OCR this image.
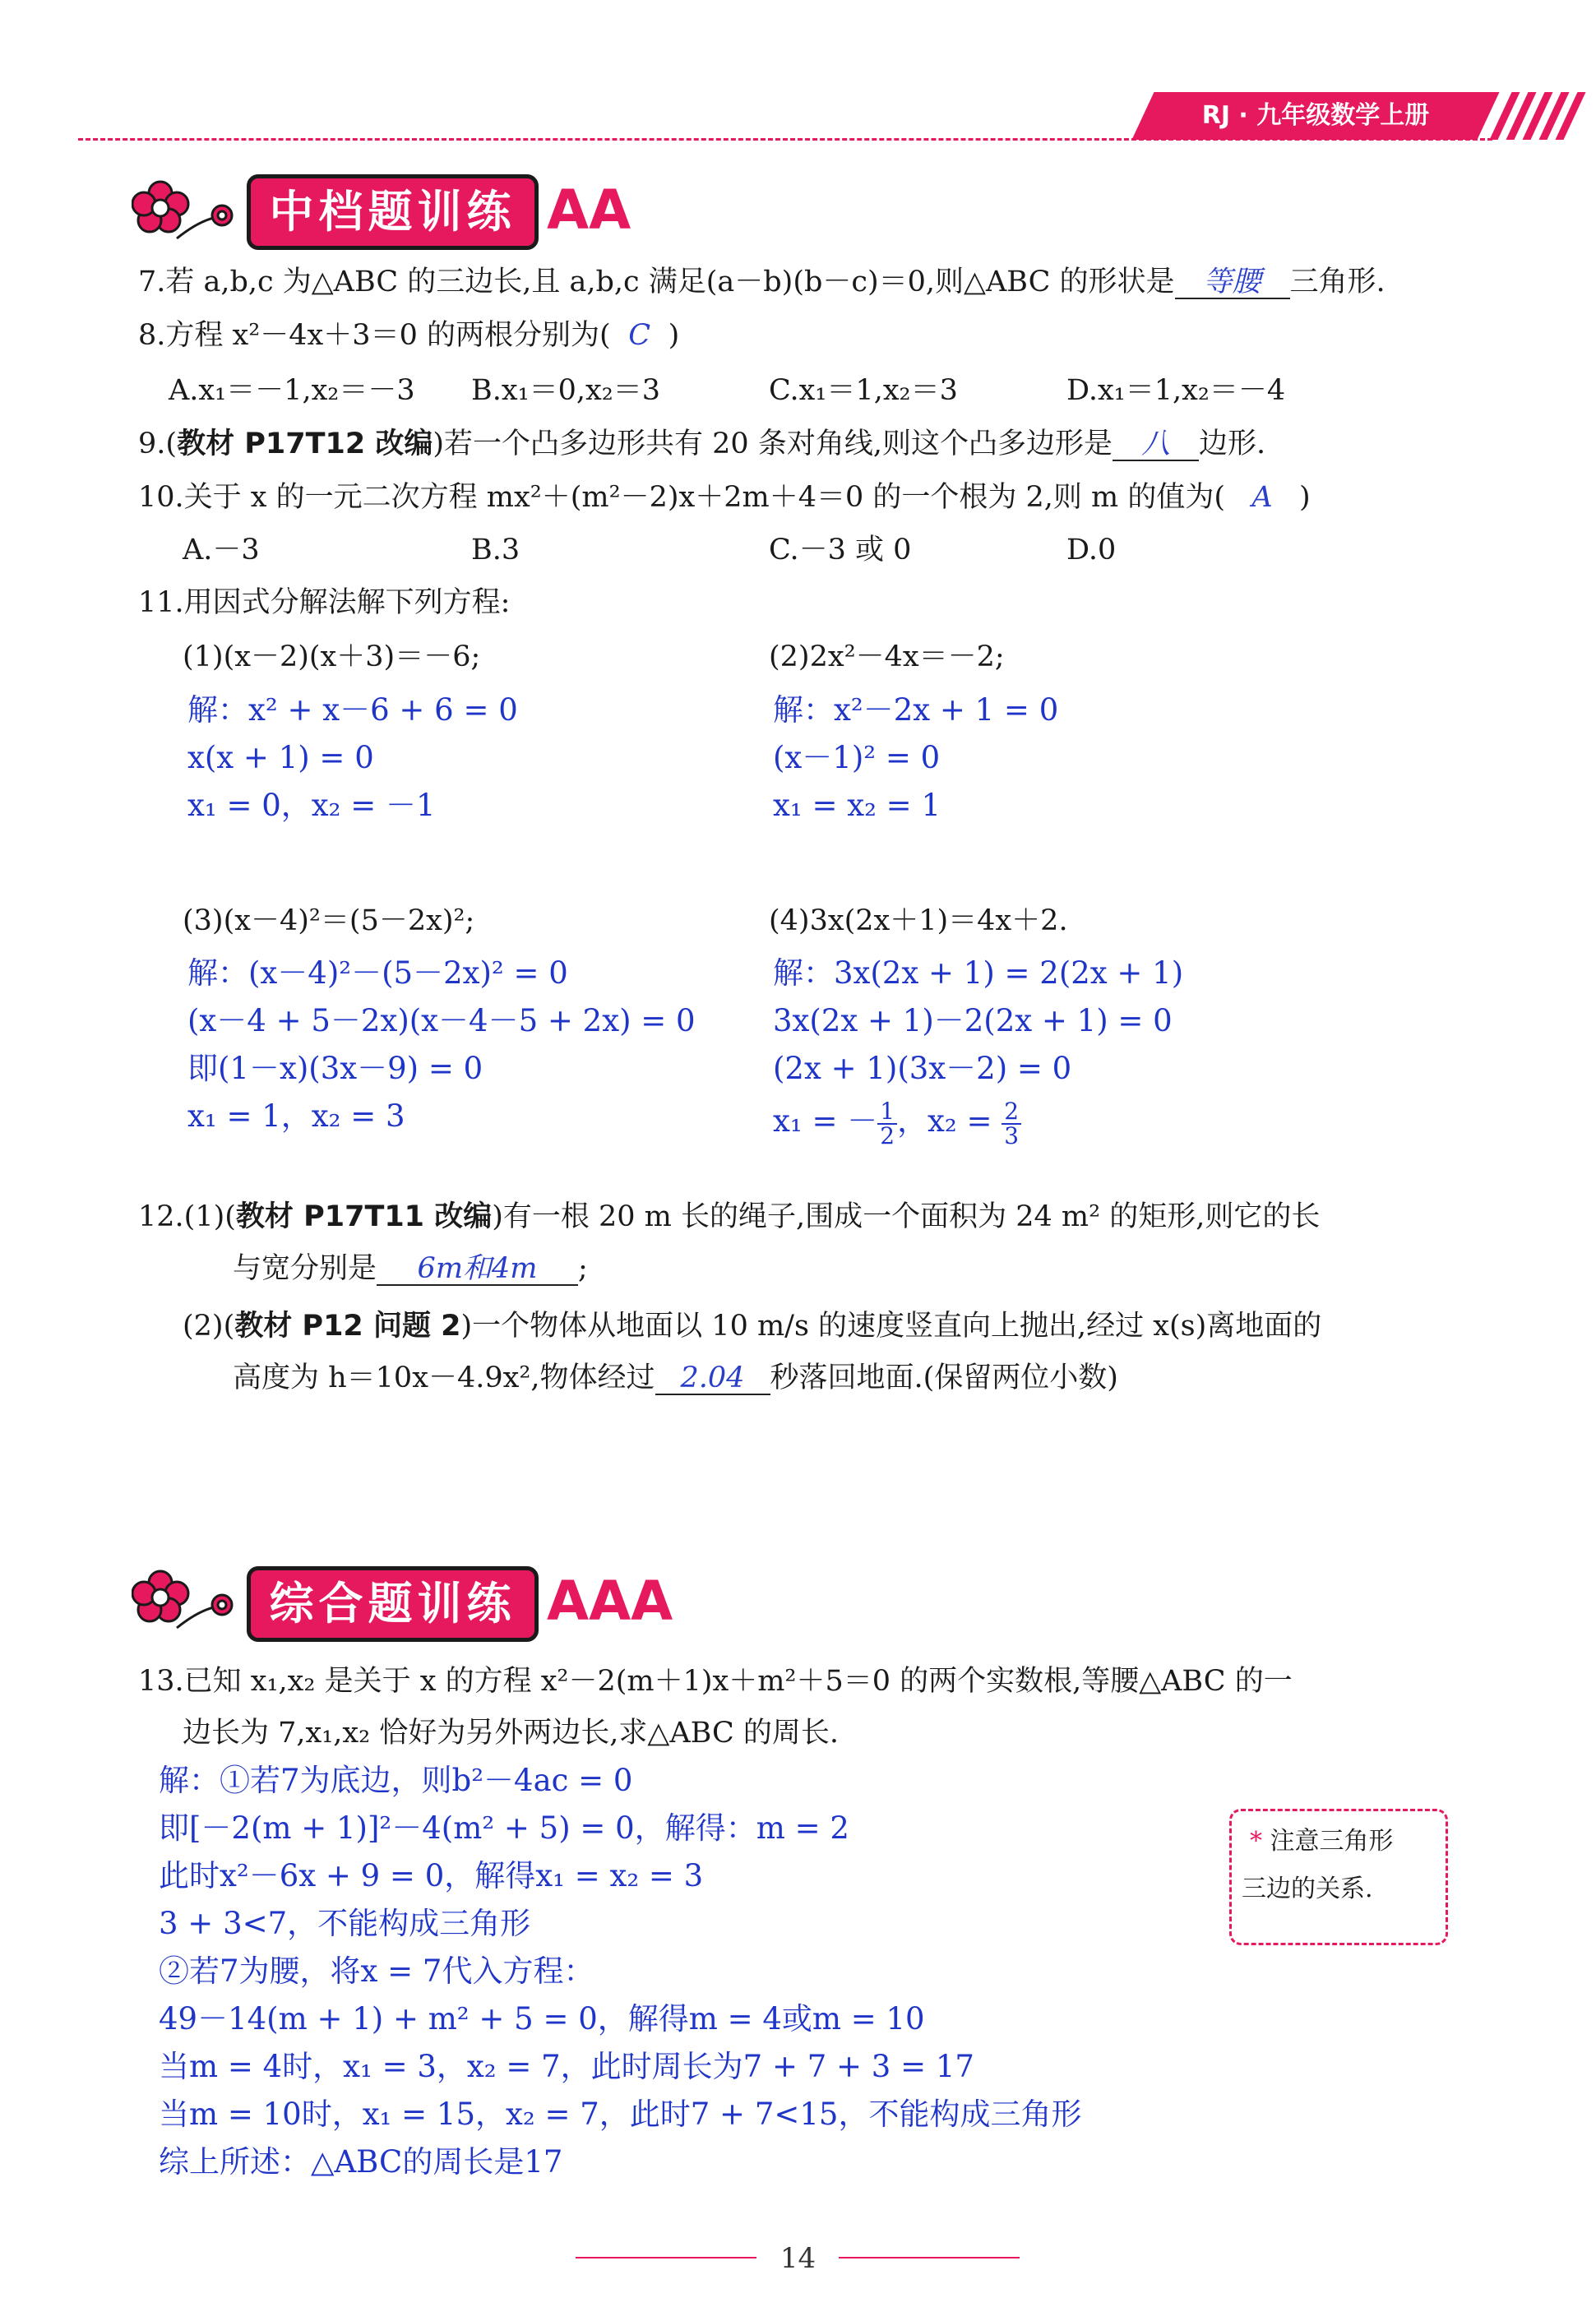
RJ · 九年级数学上册
中档题训练 AA
7.若 a,b,c 为△ABC 的三边长,且 a,b,c 满足(a－b)(b－c)＝0,则△ABC 的形状是 等腰 三角形.
8.方程 x²－4x＋3＝0 的两根分别为( C )
A.x₁＝－1,x₂＝－3 B.x₁＝0,x₂＝3	C.x₁＝1,x₂＝3	D.x₁＝1,x₂＝－4
9.(教材 P17T12 改编)若一个凸多边形共有 20 条对角线,则这个凸多边形是 八 边形.
10.关于 x 的一元二次方程 mx²＋(m²－2)x＋2m＋4＝0 的一个根为 2,则 m 的值为( A )
A.－3	B.3	C.－3 或 0	D.0
11.用因式分解法解下列方程:
(1)(x－2)(x＋3)＝－6;
解：x² + x－6 + 6 = 0
x(x + 1) = 0
x₁ = 0，x₂ = －1
(2)2x²－4x＝－2;
解：x²－2x + 1 = 0
(x－1)² = 0
x₁ = x₂ = 1
(3)(x－4)²＝(5－2x)²;
解：(x－4)²－(5－2x)² = 0
(x－4 + 5－2x)(x－4－5 + 2x) = 0
即(1－x)(3x－9) = 0
x₁ = 1，x₂ = 3
(4)3x(2x＋1)＝4x＋2.
解：3x(2x + 1) = 2(2x + 1)
3x(2x + 1)－2(2x + 1) = 0
(2x + 1)(3x－2) = 0
x₁ = － $\frac{1}{2}$ ，$x_2 = \frac{2}{3}$
12.(1)(教材 P17T11 改编)有一根 20 m 长的绳子,围成一个面积为 24 m² 的矩形,则它的长
与宽分别是 6m和4m ;
(2)(教材 P12 问题 2)一个物体从地面以 10 m/s 的速度竖直向上抛出,经过 x(s)离地面的
高度为 h＝10x－4.9x²,物体经过 2.04 秒落回地面.(保留两位小数)
综合题训练 AAA
13.已知 x₁,x₂ 是关于 x 的方程 x²－2(m＋1)x＋m²＋5＝0 的两个实数根,等腰△ABC 的一
边长为 7,x₁,x₂ 恰好为另外两边长,求△ABC 的周长.
解：①若7为底边，则b²－4ac = 0
即[－2(m + 1)]²－4(m² + 5) = 0，解得：m = 2
此时x²－6x + 9 = 0，解得x₁ = x₂ = 3
3 + 3<7，不能构成三角形
②若7为腰，将x = 7代入方程：
49－14(m + 1) + m² + 5 = 0，解得m = 4或m = 10
当m = 4时，x₁ = 3，x₂ = 7，此时周长为7 + 7 + 3 = 17
当m = 10时，x₁ = 15，x₂ = 7，此时7 + 7<15，不能构成三角形
综上所述：△ABC的周长是17
* 注意三角形
三边的关系.
14
